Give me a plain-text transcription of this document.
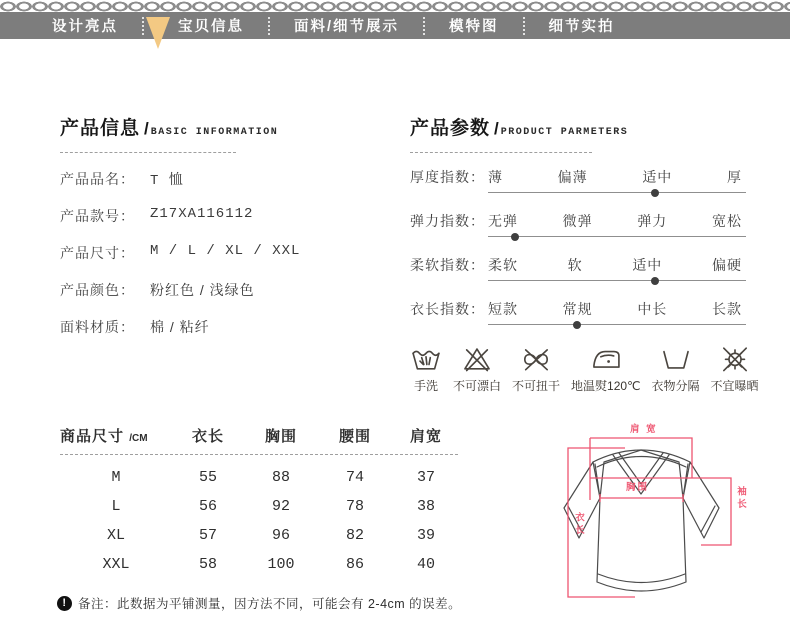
设计亮点	宝贝信息	面料/细节展示	模特图	细节实拍
产品信息 /BASIC INFORMATION
产品品名：	T 恤
产品款号：	Z17XA116112
产品尺寸：	M / L / XL / XXL
产品颜色：	粉红色 / 浅绿色
面料材质：	棉 / 粘纤
产品参数 /PRODUCT PARMETERS
厚度指数： 薄	偏薄	适中	厚
弹力指数： 无弹	微弹	弹力	宽松
柔软指数： 柔软	软	适中	偏硬
衣长指数： 短款	常规	中长	长款
手洗 不可漂白 不可扭干 地温熨120℃ 衣物分隔 不宜曝晒
商品尺寸 /CM	衣长	胸围	腰围	肩宽
M	55	88	74	37
L	56	92	78	38
XL	57	96	82	39
XXL	58	100	86	40
! 备注：此数据为平铺测量，因方法不同，可能会有 2-4cm 的误差。
肩 宽
袖长
胸围
衣长
